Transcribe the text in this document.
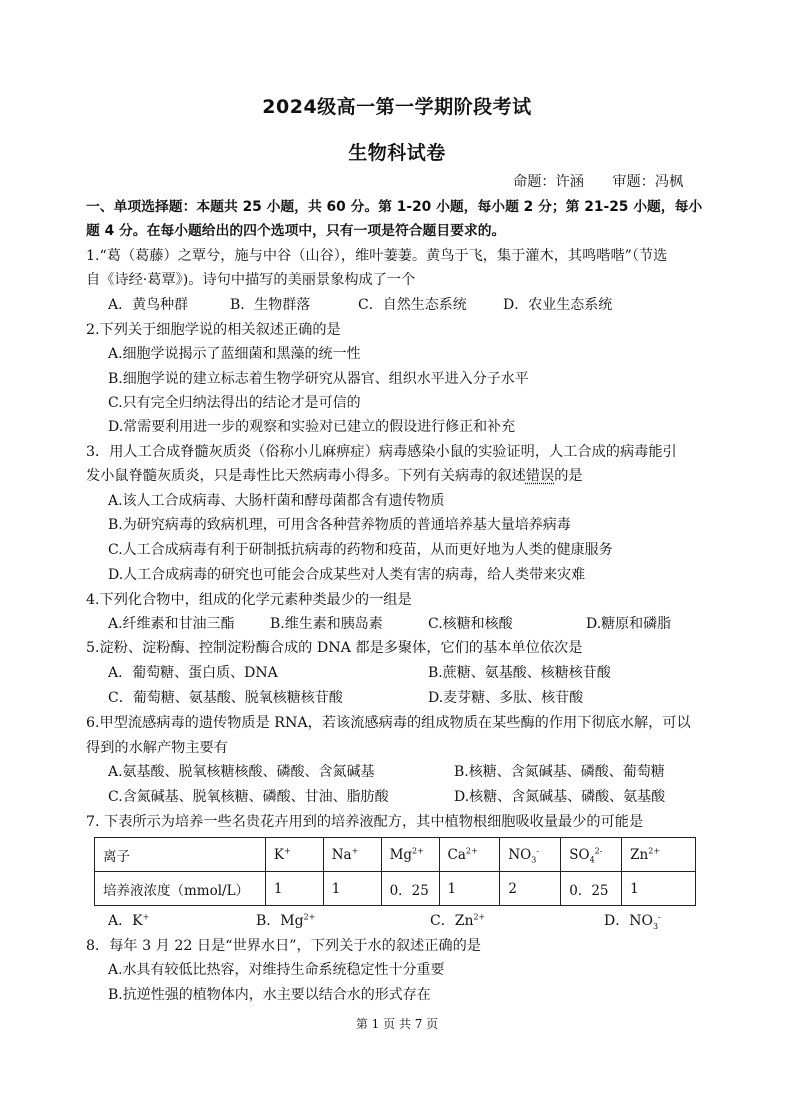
2024级高一第一学期阶段考试
生物科试卷
命题：许涵　　审题：冯枫
一、单项选择题：本题共 25 小题，共 60 分。第 1-20 小题，每小题 2 分；第 21-25 小题，每小
题 4 分。在每小题给出的四个选项中，只有一项是符合题目要求的。
1.“葛（葛藤）之覃兮，施与中谷（山谷），维叶萋萋。黄鸟于飞，集于灌木，其鸣喈喈”（节选
自《诗经·葛覃》)。诗句中描写的美丽景象构成了一个
A．黄鸟种群	B．生物群落	C．自然生态系统	D．农业生态系统
2.下列关于细胞学说的相关叙述正确的是
A.细胞学说揭示了蓝细菌和黑藻的统一性
B.细胞学说的建立标志着生物学研究从器官、组织水平进入分子水平
C.只有完全归纳法得出的结论才是可信的
D.常需要利用进一步的观察和实验对已建立的假设进行修正和补充
3．用人工合成脊髓灰质炎（俗称小儿麻痹症）病毒感染小鼠的实验证明，人工合成的病毒能引
发小鼠脊髓灰质炎，只是毒性比天然病毒小得多。下列有关病毒的叙述错误的是
A.该人工合成病毒、大肠杆菌和酵母菌都含有遗传物质
B.为研究病毒的致病机理，可用含各种营养物质的普通培养基大量培养病毒
C.人工合成病毒有利于研制抵抗病毒的药物和疫苗，从而更好地为人类的健康服务
D.人工合成病毒的研究也可能会合成某些对人类有害的病毒，给人类带来灾难
4.下列化合物中，组成的化学元素种类最少的一组是
A.纤维素和甘油三酯	B.维生素和胰岛素	C.核糖和核酸	D.糖原和磷脂
5.淀粉、淀粉酶、控制淀粉酶合成的 DNA 都是多聚体，它们的基本单位依次是
A．葡萄糖、蛋白质、DNA	B.蔗糖、氨基酸、核糖核苷酸
C．葡萄糖、氨基酸、脱氧核糖核苷酸	D.麦芽糖、多肽、核苷酸
6.甲型流感病毒的遗传物质是 RNA，若该流感病毒的组成物质在某些酶的作用下彻底水解，可以
得到的水解产物主要有
A.氨基酸、脱氧核糖核酸、磷酸、含氮碱基	B.核糖、含氮碱基、磷酸、葡萄糖
C.含氮碱基、脱氧核糖、磷酸、甘油、脂肪酸	D.核糖、含氮碱基、磷酸、氨基酸
7. 下表所示为培养一些名贵花卉用到的培养液配方，其中植物根细胞吸收量最少的可能是
离子	K+	Na+	$Mg^{2+}$	$Ca^{2+}$	$NO_3^-$	$SO_4^{2-}$	$Zn^{2+}$
培养液浓度（mmol/L）	1	1	0．25	1	2	0．25	1
A．K+	B．$Mg^{2+}$	C．$Zn^{2+}$	D．$NO_3^-$
8．每年 3 月 22 日是“世界水日”，下列关于水的叙述正确的是
A.水具有较低比热容，对维持生命系统稳定性十分重要
B.抗逆性强的植物体内，水主要以结合水的形式存在
第 1 页 共 7 页
